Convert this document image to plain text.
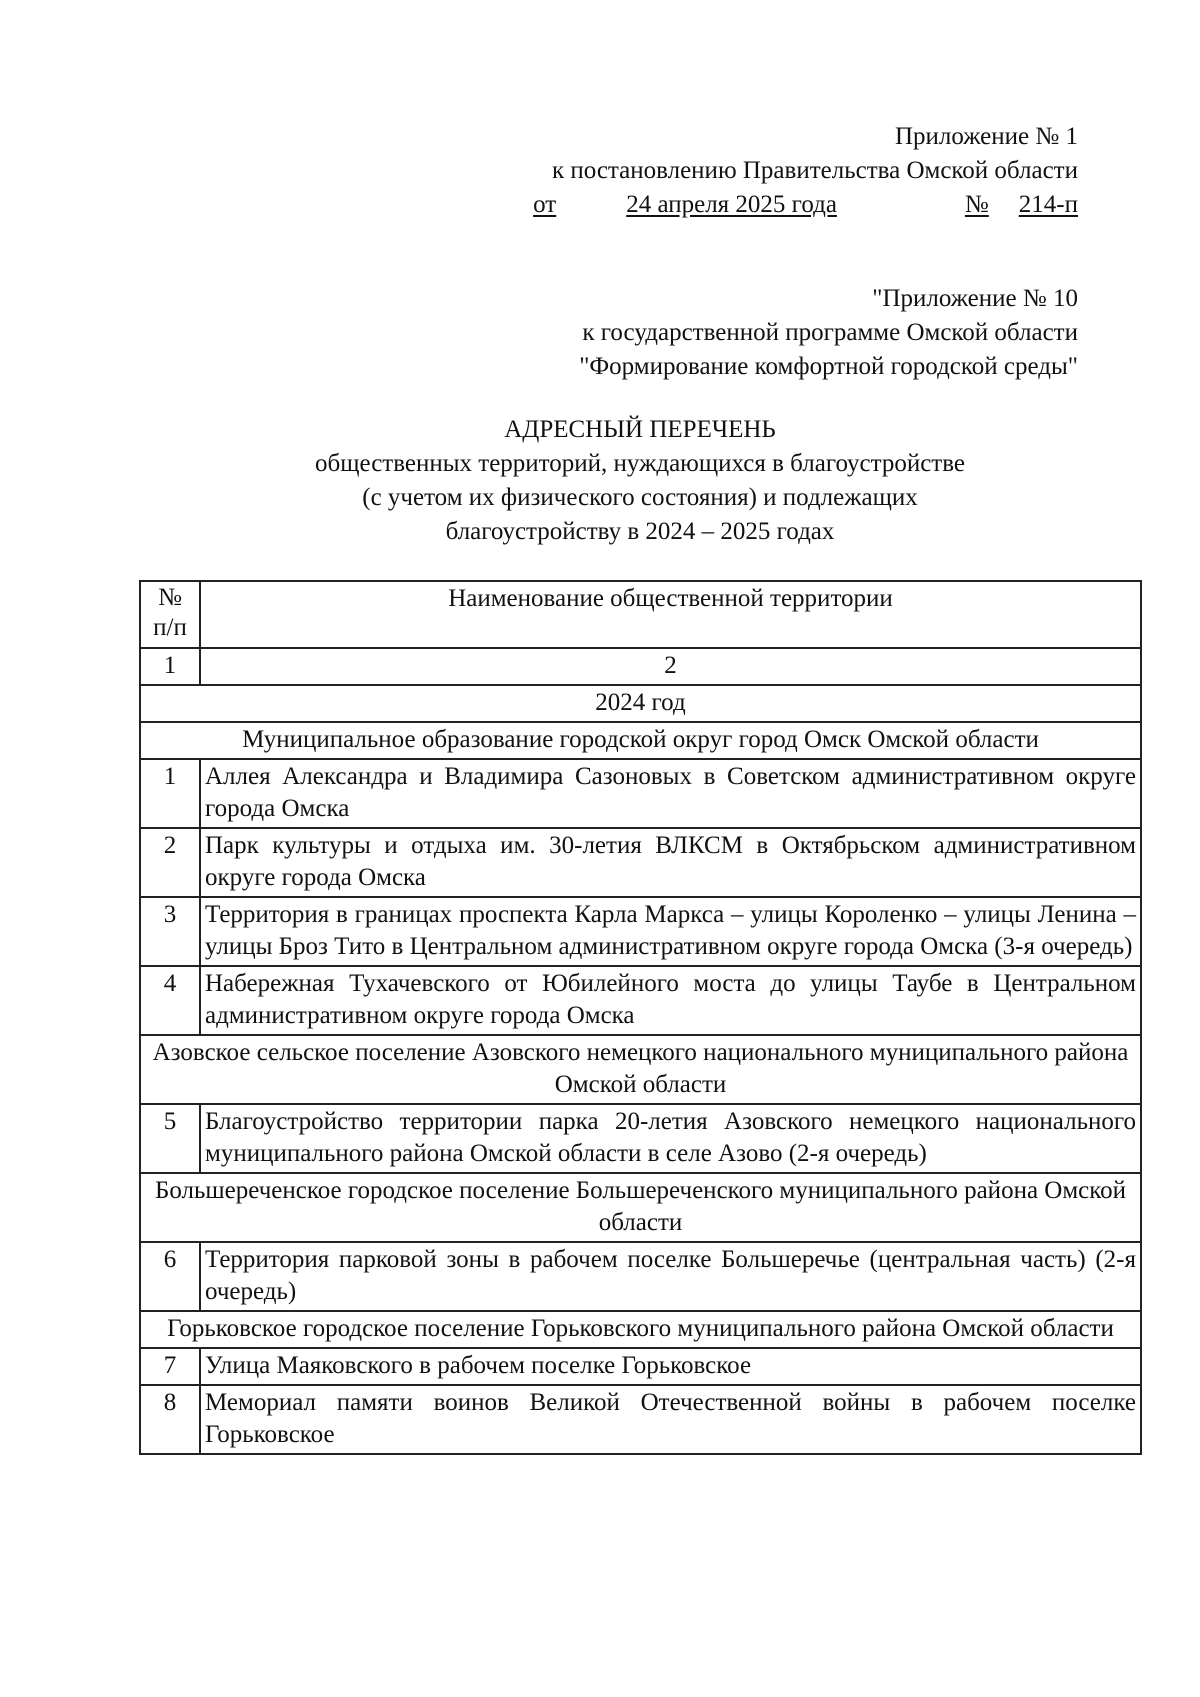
Приложение № 1
к постановлению Правительства Омской области
от	24 апреля 2025 года	№ 214-п
"Приложение № 10
к государственной программе Омской области
"Формирование комфортной городской среды"
АДРЕСНЫЙ ПЕРЕЧЕНЬ
общественных территорий, нуждающихся в благоустройстве
(с учетом их физического состояния) и подлежащих
благоустройству в 2024 – 2025 годах
№ п/п	Наименование общественной территории
1	2
2024 год	
Муниципальное образование городской округ город Омск Омской области	
1	Аллея Александра и Владимира Сазоновых в Советском административном округе города Омска
2	Парк культуры и отдыха им. 30-летия ВЛКСМ в Октябрьском административном округе города Омска
3	Территория в границах проспекта Карла Маркса – улицы Короленко – улицы Ленина – улицы Броз Тито в Центральном административном округе города Омска (3-я очередь)
4	Набережная Тухачевского от Юбилейного моста до улицы Таубе в Центральном административном округе города Омска
Азовское сельское поселение Азовского немецкого национального муниципального района Омской области	
5	Благоустройство территории парка 20-летия Азовского немецкого национального муниципального района Омской области в селе Азово (2-я очередь)
Большереченское городское поселение Большереченского муниципального района Омской области	
6	Территория парковой зоны в рабочем поселке Большеречье (центральная часть) (2-я очередь)
Горьковское городское поселение Горьковского муниципального района Омской области	
7	Улица Маяковского в рабочем поселке Горьковское
8	Мемориал памяти воинов Великой Отечественной войны в рабочем поселке Горьковское
